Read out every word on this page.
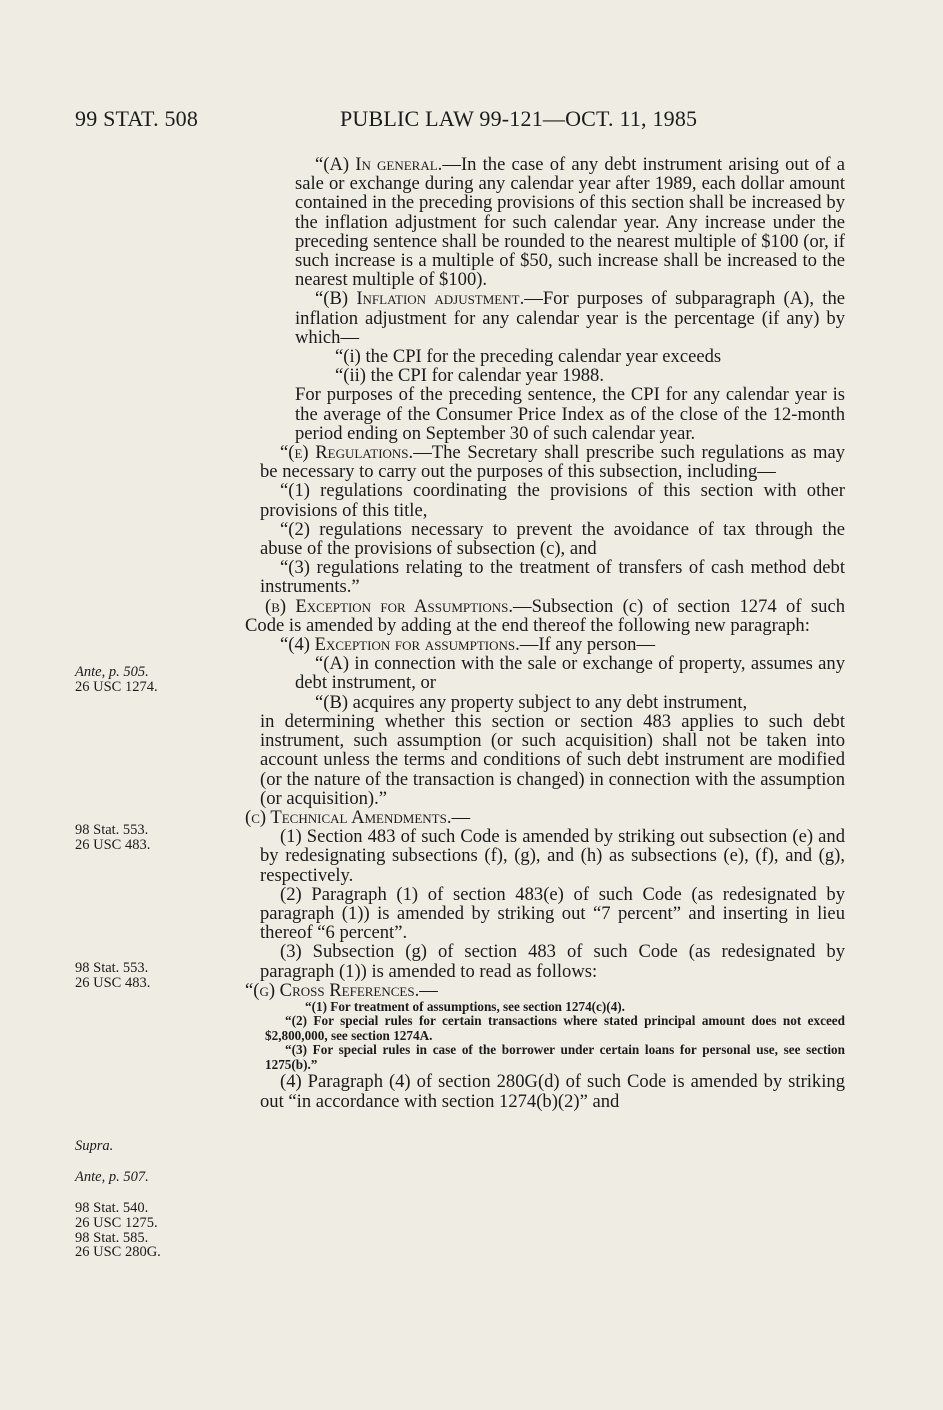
99 STAT. 508	PUBLIC LAW 99-121—OCT. 11, 1985
Ante, p. 505.
26 USC 1274.
98 Stat. 553.
26 USC 483.
98 Stat. 553.
26 USC 483.
Supra.
Ante, p. 507.
98 Stat. 540.
26 USC 1275.
98 Stat. 585.
26 USC 280G.

“(A) In general.—In the case of any debt instrument arising out of a sale or exchange during any calendar year after 1989, each dollar amount contained in the preceding provisions of this section shall be increased by the inflation adjustment for such calendar year. Any increase under the preceding sentence shall be rounded to the nearest multiple of $100 (or, if such increase is a multiple of $50, such increase shall be increased to the nearest multiple of $100).

“(B) Inflation adjustment.—For purposes of subparagraph (A), the inflation adjustment for any calendar year is the percentage (if any) by which—

“(i) the CPI for the preceding calendar year exceeds

“(ii) the CPI for calendar year 1988.

For purposes of the preceding sentence, the CPI for any calendar year is the average of the Consumer Price Index as of the close of the 12-month period ending on September 30 of such calendar year.

“(e) Regulations.—The Secretary shall prescribe such regulations as may be necessary to carry out the purposes of this subsection, including—

“(1) regulations coordinating the provisions of this section with other provisions of this title,

“(2) regulations necessary to prevent the avoidance of tax through the abuse of the provisions of subsection (c), and

“(3) regulations relating to the treatment of transfers of cash method debt instruments.”

(b) Exception for Assumptions.—Subsection (c) of section 1274 of such Code is amended by adding at the end thereof the following new paragraph:

“(4) Exception for assumptions.—If any person—

“(A) in connection with the sale or exchange of property, assumes any debt instrument, or

“(B) acquires any property subject to any debt instrument,

in determining whether this section or section 483 applies to such debt instrument, such assumption (or such acquisition) shall not be taken into account unless the terms and conditions of such debt instrument are modified (or the nature of the transaction is changed) in connection with the assumption (or acquisition).”

(c) Technical Amendments.—

(1) Section 483 of such Code is amended by striking out subsection (e) and by redesignating subsections (f), (g), and (h) as subsections (e), (f), and (g), respectively.

(2) Paragraph (1) of section 483(e) of such Code (as redesignated by paragraph (1)) is amended by striking out “7 percent” and inserting in lieu thereof “6 percent”.

(3) Subsection (g) of section 483 of such Code (as redesignated by paragraph (1)) is amended to read as follows:

“(g) Cross References.—

“(1) For treatment of assumptions, see section 1274(c)(4).

“(2) For special rules for certain transactions where stated principal amount does not exceed $2,800,000, see section 1274A.

“(3) For special rules in case of the borrower under certain loans for personal use, see section 1275(b).”

(4) Paragraph (4) of section 280G(d) of such Code is amended by striking out “in accordance with section 1274(b)(2)” and
